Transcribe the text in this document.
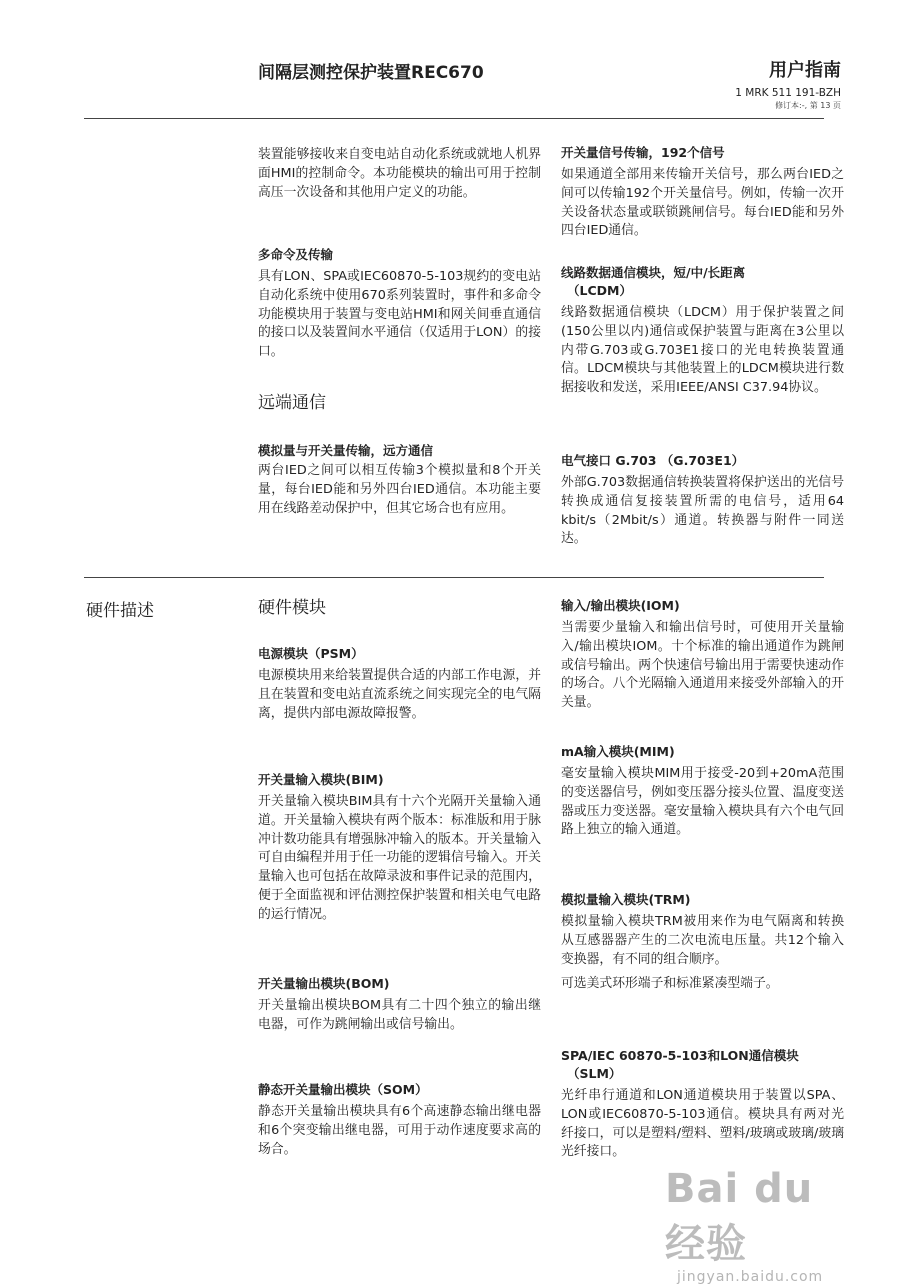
间隔层测控保护装置REC670	用户指南
1 MRK 511 191-BZH
修订本:-, 第 13 页
装置能够接收来自变电站自动化系统或就地人机界面HMI的控制命令。本功能模块的输出可用于控制高压一次设备和其他用户定义的功能。
多命令及传输
具有LON、SPA或IEC60870-5-103规约的变电站自动化系统中使用670系列装置时，事件和多命令功能模块用于装置与变电站HMI和网关间垂直通信的接口以及装置间水平通信（仅适用于LON）的接口。
远端通信
模拟量与开关量传输，远方通信
两台IED之间可以相互传输3个模拟量和8个开关量，每台IED能和另外四台IED通信。本功能主要用在线路差动保护中，但其它场合也有应用。
开关量信号传输，192个信号
如果通道全部用来传输开关信号，那么两台IED之间可以传输192个开关量信号。例如，传输一次开关设备状态量或联锁跳闸信号。每台IED能和另外四台IED通信。
线路数据通信模块，短/中/长距离
（LCDM）
线路数据通信模块（LDCM）用于保护装置之间(150公里以内)通信或保护装置与距离在3公里以内带G.703或G.703E1接口的光电转换装置通信。LDCM模块与其他装置上的LDCM模块进行数据接收和发送，采用IEEE/ANSI C37.94协议。
电气接口 G.703 （G.703E1）
外部G.703数据通信转换装置将保护送出的光信号转换成通信复接装置所需的电信号，适用64 kbit/s（2Mbit/s）通道。转换器与附件一同送达。
硬件描述	硬件模块
电源模块（PSM）
电源模块用来给装置提供合适的内部工作电源，并且在装置和变电站直流系统之间实现完全的电气隔离，提供内部电源故障报警。
开关量输入模块(BIM)
开关量输入模块BIM具有十六个光隔开关量输入通道。开关量输入模块有两个版本：标准版和用于脉冲计数功能具有增强脉冲输入的版本。开关量输入可自由编程并用于任一功能的逻辑信号输入。开关量输入也可包括在故障录波和事件记录的范围内，便于全面监视和评估测控保护装置和相关电气电路的运行情况。
开关量输出模块(BOM)
开关量输出模块BOM具有二十四个独立的输出继电器，可作为跳闸输出或信号输出。
静态开关量输出模块（SOM）
静态开关量输出模块具有6个高速静态输出继电器和6个突变输出继电器，可用于动作速度要求高的场合。
输入/输出模块(IOM)
当需要少量输入和输出信号时，可使用开关量输入/输出模块IOM。十个标准的输出通道作为跳闸或信号输出。两个快速信号输出用于需要快速动作的场合。八个光隔输入通道用来接受外部输入的开关量。
mA输入模块(MIM)
毫安量输入模块MIM用于接受-20到+20mA范围的变送器信号，例如变压器分接头位置、温度变送器或压力变送器。毫安量输入模块具有六个电气回路上独立的输入通道。
模拟量输入模块(TRM)
模拟量输入模块TRM被用来作为电气隔离和转换从互感器器产生的二次电流电压量。共12个输入变换器，有不同的组合顺序。
可选美式环形端子和标准紧凑型端子。
SPA/IEC 60870-5-103和LON通信模块
（SLM）
光纤串行通道和LON通道模块用于装置以SPA、LON或IEC60870-5-103通信。模块具有两对光纤接口，可以是塑料/塑料、塑料/玻璃或玻璃/玻璃光纤接口。
Bai du 经验
jingyan.baidu.com
